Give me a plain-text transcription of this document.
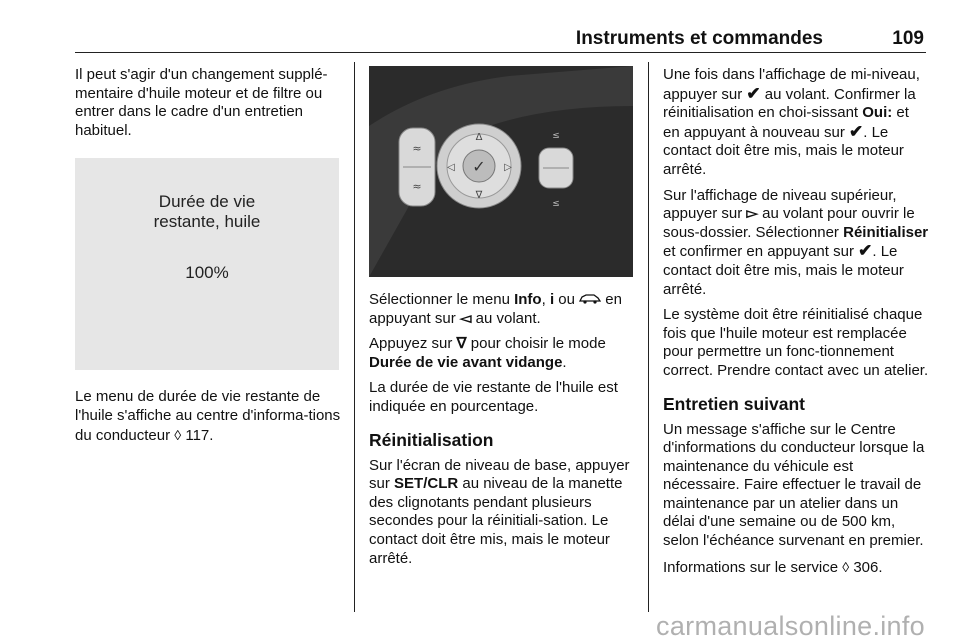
Instruments et commandes	109

Il peut s'agir d'un changement supplé-mentaire d'huile moteur et de filtre ou entrer dans le cadre d'un entretien habituel.

Durée de vie
restante, huile
100%

Le menu de durée de vie restante de l'huile s'affiche au centre d'informa-tions du conducteur ◊ 117.

≈
≈
✓
Δ
∇
◁	▷
≤
≤

Sélectionner le menu Info, i ou  en appuyant sur ◅ au volant.

Appuyez sur ∇ pour choisir le mode Durée de vie avant vidange.

La durée de vie restante de l'huile est indiquée en pourcentage.

Réinitialisation

Sur l'écran de niveau de base, appuyer sur SET/CLR au niveau de la manette des clignotants pendant plusieurs secondes pour la réinitiali-sation. Le contact doit être mis, mais le moteur arrêté.

Une fois dans l'affichage de mi-niveau, appuyer sur ✔ au volant. Confirmer la réinitialisation en choi-sissant Oui: et en appuyant à nouveau sur ✔. Le contact doit être mis, mais le moteur arrêté.

Sur l'affichage de niveau supérieur, appuyer sur ▻ au volant pour ouvrir le sous-dossier. Sélectionner Réinitialiser et confirmer en appuyant sur ✔. Le contact doit être mis, mais le moteur arrêté.

Le système doit être réinitialisé chaque fois que l'huile moteur est remplacée pour permettre un fonc-tionnement correct. Prendre contact avec un atelier.

Entretien suivant

Un message s'affiche sur le Centre d'informations du conducteur lorsque la maintenance du véhicule est nécessaire. Faire effectuer le travail de maintenance par un atelier dans un délai d'une semaine ou de 500 km, selon l'échéance survenant en premier.

Informations sur le service ◊ 306.

carmanualsonline.info
